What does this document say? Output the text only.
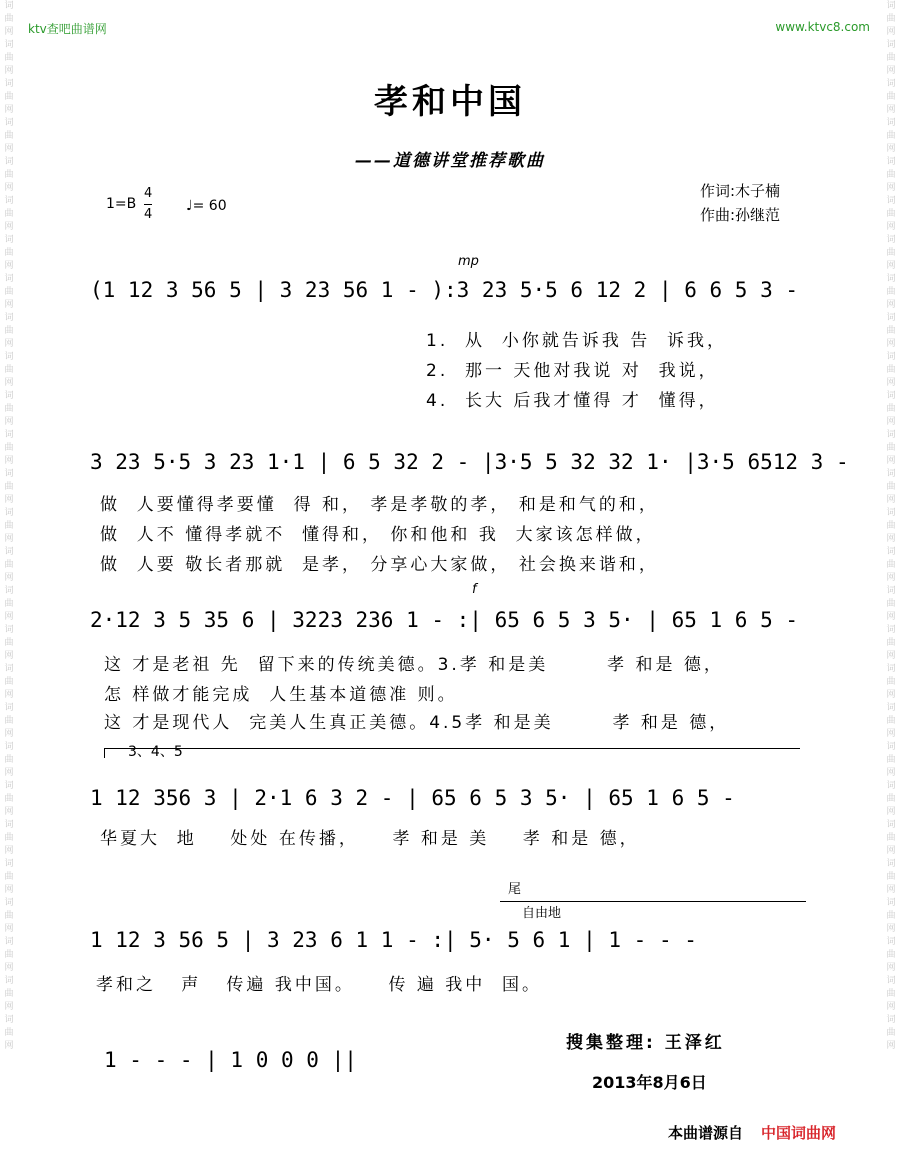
ktv查吧曲谱网	www.ktvc8.com
词曲网词曲网词曲网词曲网词曲网词曲网词曲网词曲网词曲网词曲网词曲网词曲网词曲网词曲网词曲网词曲网词曲网词曲网词曲网词曲网词曲网词曲网词曲网词曲网词曲网词曲网词曲网
词曲网词曲网词曲网词曲网词曲网词曲网词曲网词曲网词曲网词曲网词曲网词曲网词曲网词曲网词曲网词曲网词曲网词曲网词曲网词曲网词曲网词曲网词曲网词曲网词曲网词曲网词曲网
孝和中国
——道德讲堂推荐歌曲
1=B
4
4
♩= 60
作词:木子楠
作曲:孙继范
mp
(1 12 3 56 5 | 3 23 56 1 - ):3 23 5·5 6 12 2 | 6 6 5 3 -
1.  从  小你就告诉我 告  诉我，
2.  那一 天他对我说 对  我说，
4.  长大 后我才懂得 才  懂得，
3 23 5·5 3 23 1·1 | 6 5 32 2 - |3·5 5 32 32 1· |3·5 6512 3 -
做  人要懂得孝要懂  得 和， 孝是孝敬的孝， 和是和气的和，
做  人不 懂得孝就不  懂得和， 你和他和 我  大家该怎样做，
做  人要 敬长者那就  是孝， 分享心大家做， 社会换来谐和，
f
2·12 3 5 35 6 | 3223 236 1 - :| 65 6 5 3 5· | 65 1 6 5 -
这 才是老祖 先  留下来的传统美德。3.孝 和是美       孝 和是 德，
怎 样做才能完成  人生基本道德准 则。
这 才是现代人  完美人生真正美德。4.5孝 和是美       孝 和是 德，
3、4、5
1 12 356 3 | 2·1 6 3 2 - | 65 6 5 3 5· | 65 1 6 5 -
华夏大  地    处处 在传播，    孝 和是 美    孝 和是 德，
尾
自由地
1 12 3 56 5 | 3 23 6 1 1 - :| 5· 5 6 1 | 1 - - -
孝和之   声   传遍 我中国。    传 遍 我中  国。
1 - - - | 1 0 0 0 ||
搜集整理: 王泽红
2013年8月6日
本曲谱源自 中国词曲网
